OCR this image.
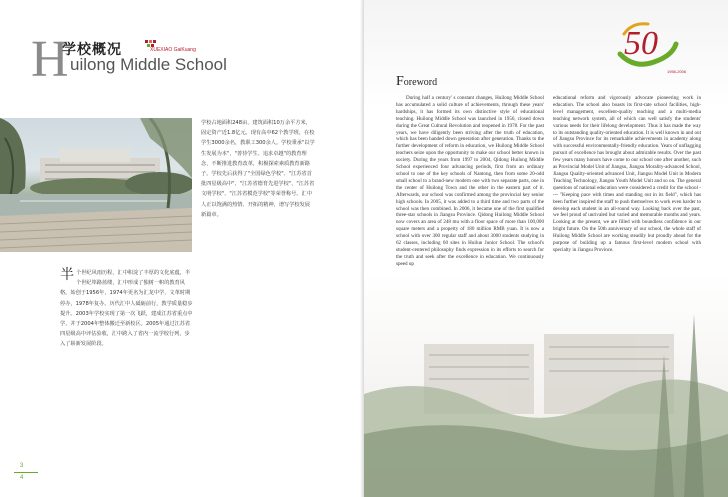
H
学校概况	XUEXIAO GaiKuang
uilong Middle School
半个世纪风雨历程，汇中积淀了丰厚的文化底蕴，半个世纪筚路蓝缕，汇中形成了独树一帜的教育风格。始创于1956年，1974年更名为汇龙中学，文革时期停办，1978年复办。历代汇中人砥砺前行，教学质量稳步提升。2003年学校实现了第一次飞跃，建成江苏省重点中学，并于2004年整体搬迁至新校区。2005年通过江苏省四星级高中评估验收，汇中跨入了省内一流学校行列，步入了崭新发展阶段。
学校占地面积248亩，建筑面积10万余平方米，固定资产近1.8亿元。现有高中62个教学班，在校学生3000余名，教职工300余人。学校秉承"以学生发展为本"，"善待学生、追求卓越"的教育理念，不断推进教育改革，积极探索素质教育新路子。学校先后获得了"全国绿色学校"、"江苏省首批四星级高中"、"江苏省德育先进学校"、"江苏省文明学校"、"江苏省模范学校"等荣誉称号。汇中人正以饱满的热情、开拓的精神，谱写学校发展新篇章。
3
4
50
1956-2006
Foreword

During half a century' s constant changes, Huilong Middle School has accumulated a solid culture of achievements, through these years' hardships, it has formed its own distinctive style of educational teaching. Huilong Middle School was launched in 1956, closed down during the Great Cultural Revolution and reopened in 1978. For the past years, we have diligently been striving after the truth of education, which has been handed down generation after generation. Thanks to the further development of reform in education, we Huilong Middle School teachers seize upon the opportunity to make our school better known in society. During the years from 1997 to 2004, Qidong Huilong Middle School experienced four advancing periods, first from an ordinary school to one of the key schools of Nantong, then from some 20-odd small school to a brand-new modern one with two separate parts, one in the center of Huilong Town and the other in the eastern part of it. Afterwards, our school was confirmed among the provincial key senior high schools. In 2005, it was added to a third time and two parts of the school was then combined. In 2006, it became one of the first qualified three-star schools in Jiangsu Province. Qidong Huilong Middle School now covers an area of 248 mu with a floor space of more than 100,000 square meters and a property of 180 million RMB yuan. It is now a school with over 300 regular staff and about 3000 students studying in 62 classes, including 60 sites in Huilun Junior School. The school's student-centered philosophy finds expression in its efforts to search for the truth and seek after the excellence in education. We continuously speed up

educational reform and vigorously advocate pioneering work in education. The school also boasts its first-rate school facilities, high-level management, excellent-quality teaching and a multi-media teaching network system, all of which can well satisfy the students' various needs for their lifelong development. Thus it has made the way to its outstanding quality-oriented education. It is well known in and out of Jiangsu Province for its remarkable achievements in academy along with successful environmentally-friendly education. Years of unflagging pursuit of excellence has brought about admirable results. Over the past few years many honors have come to our school one after another, such as Provincial Model Unit of Jiangsu, Jiangsu Morality-advanced School, Jiangsu Quality-oriented advanced Unit, Jiangsu Model Unit in Modern Teaching Technology, Jiangsu Youth Model Unit and so on. The general questions of national education were considered a credit for the school ---- "Keeping pace with times and standing out in its field", which has been further inspired the staff to push themselves to work even harder to develop each student in an all-round way. Looking back over the past, we feel proud of unrivaled but varied and memorable months and years. Looking at the present, we are filled with boundless confidence in our bright future. On the 50th anniversary of our school, the whole staff of Huilong Middle School are working steadily but proudly ahead for the purpose of building up a famous first-level modern school with specialty in Jiangsu Province.
